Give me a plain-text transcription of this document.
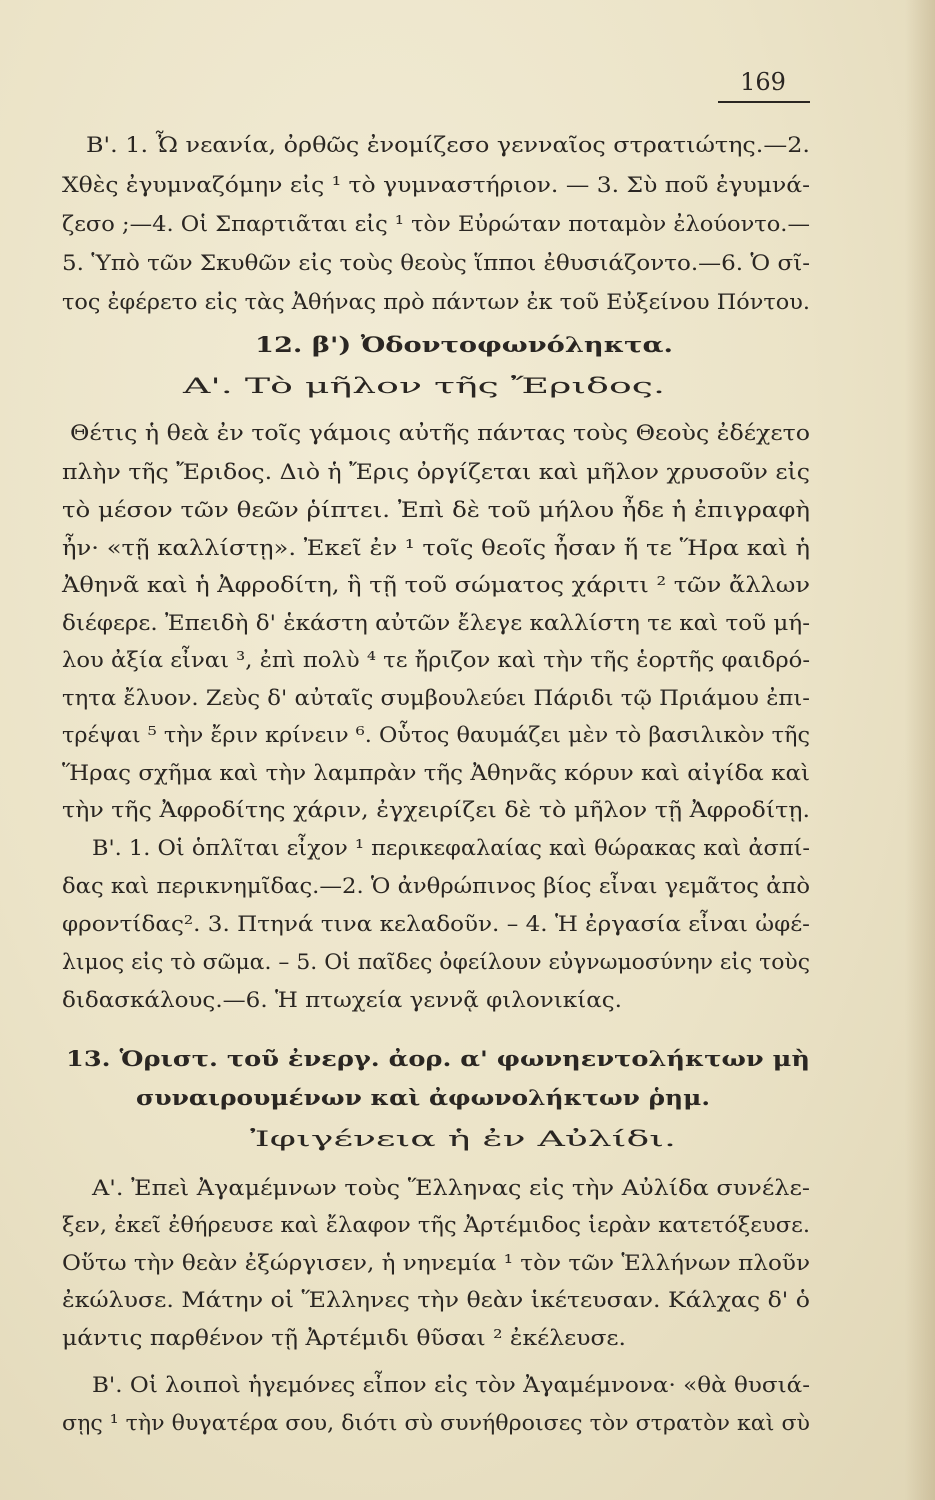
169
Β'. 1. Ὦ νεανία, ὀρθῶς ἐνομίζεσο γενναῖος στρατιώτης.—2.
Χθὲς ἐγυμναζόμην εἰς ¹ τὸ γυμναστήριον. — 3. Σὺ ποῦ ἐγυμνά-
ζεσο ;—4. Οἱ Σπαρτιᾶται εἰς ¹ τὸν Εὐρώταν ποταμὸν ἐλούοντο.—
5. Ὑπὸ τῶν Σκυθῶν εἰς τοὺς θεοὺς ἵπποι ἐθυσιάζοντο.—6. Ὁ σῖ-
τος ἐφέρετο εἰς τὰς Ἀθήνας πρὸ πάντων ἐκ τοῦ Εὐξείνου Πόντου.
12. β') Ὀδοντοφωνόληκτα.
Α'. Τὸ μῆλον τῆς Ἔριδος.
Θέτις ἡ θεὰ ἐν τοῖς γάμοις αὐτῆς πάντας τοὺς Θεοὺς ἐδέχετο
πλὴν τῆς Ἔριδος. Διὸ ἡ Ἔρις ὀργίζεται καὶ μῆλον χρυσοῦν εἰς
τὸ μέσον τῶν θεῶν ῥίπτει. Ἐπὶ δὲ τοῦ μήλου ἦδε ἡ ἐπιγραφὴ
ἦν· «τῇ καλλίστῃ». Ἐκεῖ ἐν ¹ τοῖς θεοῖς ἦσαν ἥ τε Ἥρα καὶ ἡ
Ἀθηνᾶ καὶ ἡ Ἀφροδίτη, ἣ τῇ τοῦ σώματος χάριτι ² τῶν ἄλλων
διέφερε. Ἐπειδὴ δ' ἑκάστη αὐτῶν ἔλεγε καλλίστη τε καὶ τοῦ μή-
λου ἀξία εἶναι ³, ἐπὶ πολὺ ⁴ τε ἤριζον καὶ τὴν τῆς ἑορτῆς φαιδρό-
τητα ἔλυον. Ζεὺς δ' αὐταῖς συμβουλεύει Πάριδι τῷ Πριάμου ἐπι-
τρέψαι ⁵ τὴν ἔριν κρίνειν ⁶. Οὗτος θαυμάζει μὲν τὸ βασιλικὸν τῆς
Ἥρας σχῆμα καὶ τὴν λαμπρὰν τῆς Ἀθηνᾶς κόρυν καὶ αἰγίδα καὶ
τὴν τῆς Ἀφροδίτης χάριν, ἐγχειρίζει δὲ τὸ μῆλον τῇ Ἀφροδίτῃ.
Β'. 1. Οἱ ὁπλῖται εἶχον ¹ περικεφαλαίας καὶ θώρακας καὶ ἀσπί-
δας καὶ περικνημῖδας.—2. Ὁ ἀνθρώπινος βίος εἶναι γεμᾶτος ἀπὸ
φροντίδας². 3. Πτηνά τινα κελαδοῦν. – 4. Ἡ ἐργασία εἶναι ὠφέ-
λιμος εἰς τὸ σῶμα. – 5. Οἱ παῖδες ὀφείλουν εὐγνωμοσύνην εἰς τοὺς
διδασκάλους.—6. Ἡ πτωχεία γεννᾷ φιλονικίας.
13. Ὁριστ. τοῦ ἐνεργ. ἀορ. α' φωνηεντολήκτων μὴ
συναιρουμένων καὶ ἀφωνολήκτων ῥημ.
Ἰφιγένεια ἡ ἐν Αὐλίδι.
Α'. Ἐπεὶ Ἀγαμέμνων τοὺς Ἕλληνας εἰς τὴν Αὐλίδα συνέλε-
ξεν, ἐκεῖ ἐθήρευσε καὶ ἔλαφον τῆς Ἀρτέμιδος ἱερὰν κατετόξευσε.
Οὕτω τὴν θεὰν ἐξώργισεν, ἡ νηνεμία ¹ τὸν τῶν Ἑλλήνων πλοῦν
ἐκώλυσε. Μάτην οἱ Ἕλληνες τὴν θεὰν ἱκέτευσαν. Κάλχας δ' ὁ
μάντις παρθένον τῇ Ἀρτέμιδι θῦσαι ² ἐκέλευσε.
Β'. Οἱ λοιποὶ ἡγεμόνες εἶπον εἰς τὸν Ἀγαμέμνονα· «θὰ θυσιά-
σῃς ¹ τὴν θυγατέρα σου, διότι σὺ συνήθροισες τὸν στρατὸν καὶ σὺ
